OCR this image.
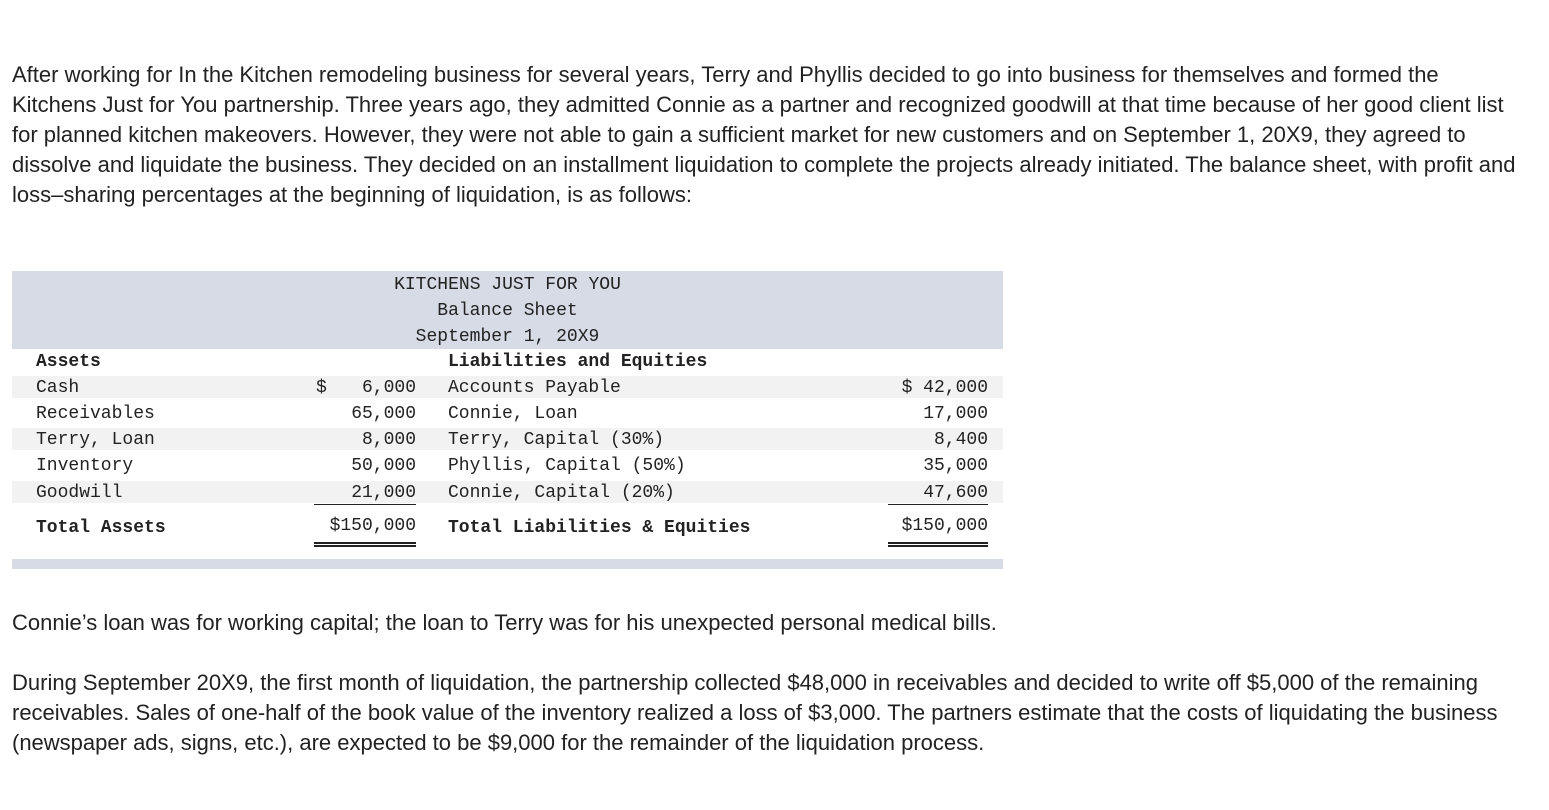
After working for In the Kitchen remodeling business for several years, Terry and Phyllis decided to go into business for themselves and formed the Kitchens Just for You partnership. Three years ago, they admitted Connie as a partner and recognized goodwill at that time because of her good client list for planned kitchen makeovers. However, they were not able to gain a sufficient market for new customers and on September 1, 20X9, they agreed to dissolve and liquidate the business. They decided on an installment liquidation to complete the projects already initiated. The balance sheet, with profit and loss–sharing percentages at the beginning of liquidation, is as follows:

KITCHENS JUST FOR YOU
Balance Sheet
September 1, 20X9
Assets	Liabilities and Equities
Cash	$	6,000 Accounts Payable	$ 42,000
Receivables	65,000 Connie, Loan	17,000
Terry, Loan	8,000 Terry, Capital (30%)	8,400
Inventory	50,000 Phyllis, Capital (50%)	35,000
Goodwill	21,000 Connie, Capital (20%)	47,600
Total Assets	$150,000 Total Liabilities & Equities	$150,000

Connie’s loan was for working capital; the loan to Terry was for his unexpected personal medical bills.

During September 20X9, the first month of liquidation, the partnership collected $48,000 in receivables and decided to write off $5,000 of the remaining receivables. Sales of one-half of the book value of the inventory realized a loss of $3,000. The partners estimate that the costs of liquidating the business (newspaper ads, signs, etc.), are expected to be $9,000 for the remainder of the liquidation process.
